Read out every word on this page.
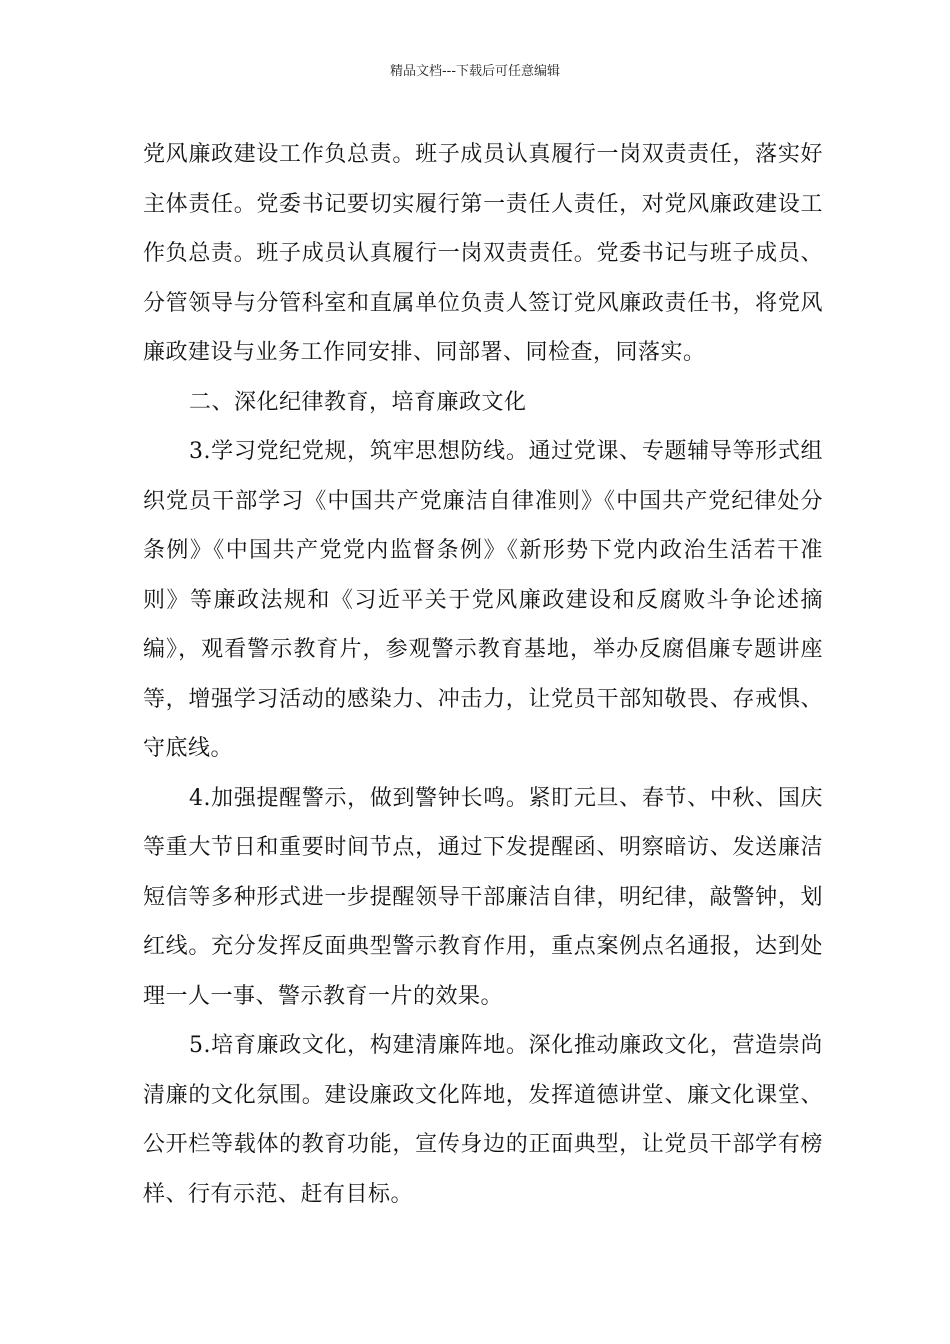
精品文档---下载后可任意编辑

党风廉政建设工作负总责。班子成员认真履行一岗双责责任，落实好主体责任。党委书记要切实履行第一责任人责任，对党风廉政建设工作负总责。班子成员认真履行一岗双责责任。党委书记与班子成员、分管领导与分管科室和直属单位负责人签订党风廉政责任书，将党风廉政建设与业务工作同安排、同部署、同检查，同落实。

二、深化纪律教育，培育廉政文化

3.学习党纪党规，筑牢思想防线。通过党课、专题辅导等形式组织党员干部学习《中国共产党廉洁自律准则》《中国共产党纪律处分条例》《中国共产党党内监督条例》《新形势下党内政治生活若干准则》等廉政法规和《习近平关于党风廉政建设和反腐败斗争论述摘编》，观看警示教育片，参观警示教育基地，举办反腐倡廉专题讲座等，增强学习活动的感染力、冲击力，让党员干部知敬畏、存戒惧、守底线。

4.加强提醒警示，做到警钟长鸣。紧盯元旦、春节、中秋、国庆等重大节日和重要时间节点，通过下发提醒函、明察暗访、发送廉洁短信等多种形式进一步提醒领导干部廉洁自律，明纪律，敲警钟，划红线。充分发挥反面典型警示教育作用，重点案例点名通报，达到处理一人一事、警示教育一片的效果。

5.培育廉政文化，构建清廉阵地。深化推动廉政文化，营造崇尚清廉的文化氛围。建设廉政文化阵地，发挥道德讲堂、廉文化课堂、公开栏等载体的教育功能，宣传身边的正面典型，让党员干部学有榜样、行有示范、赶有目标。
